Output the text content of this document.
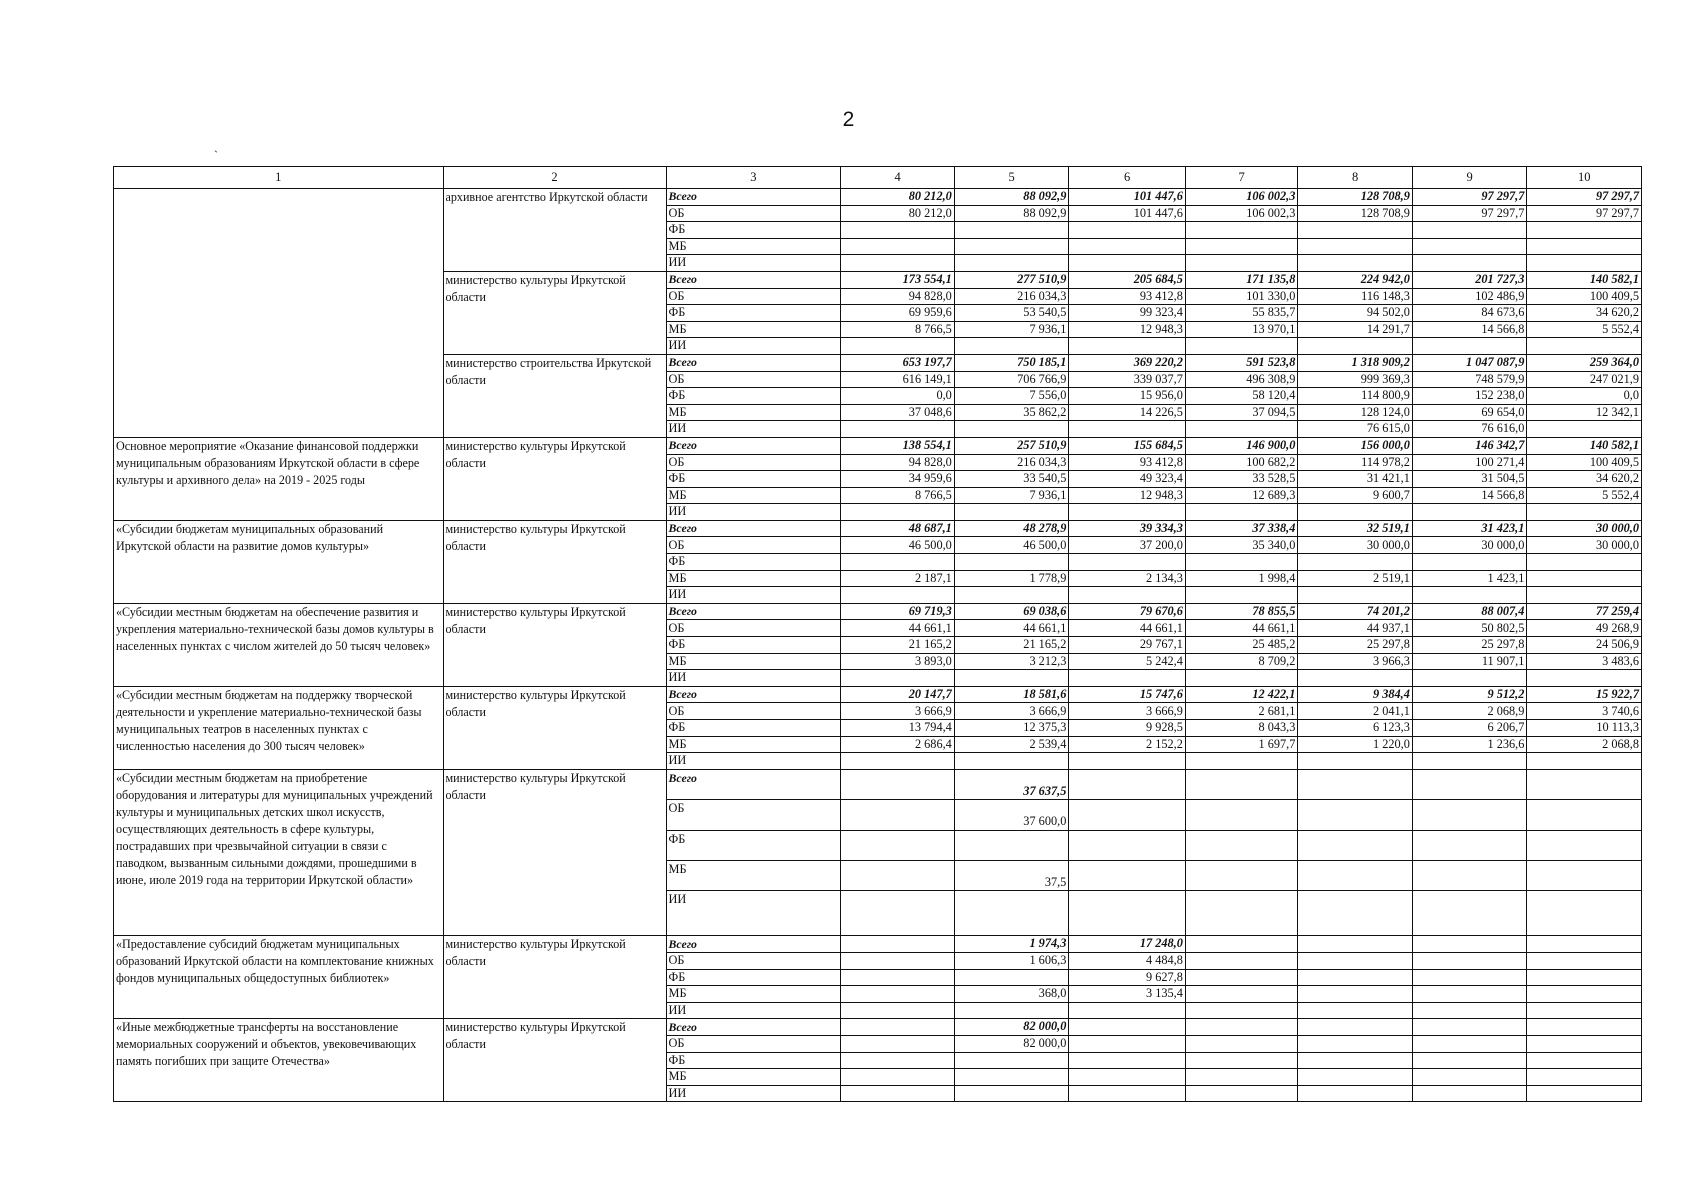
2
`
1	2	3	4	5	6	7	8	9	10
	архивное агентство Иркутской области	Всего	80 212,0	88 092,9	101 447,6	106 002,3	128 708,9	97 297,7	97 297,7
		ОБ	80 212,0	88 092,9	101 447,6	106 002,3	128 708,9	97 297,7	97 297,7
		ФБ							
		МБ							
		ИИ							
	министерство культуры Иркутской области	Всего	173 554,1	277 510,9	205 684,5	171 135,8	224 942,0	201 727,3	140 582,1
		ОБ	94 828,0	216 034,3	93 412,8	101 330,0	116 148,3	102 486,9	100 409,5
		ФБ	69 959,6	53 540,5	99 323,4	55 835,7	94 502,0	84 673,6	34 620,2
		МБ	8 766,5	7 936,1	12 948,3	13 970,1	14 291,7	14 566,8	5 552,4
		ИИ							
	министерство строительства Иркутской области	Всего	653 197,7	750 185,1	369 220,2	591 523,8	1 318 909,2	1 047 087,9	259 364,0
		ОБ	616 149,1	706 766,9	339 037,7	496 308,9	999 369,3	748 579,9	247 021,9
		ФБ	0,0	7 556,0	15 956,0	58 120,4	114 800,9	152 238,0	0,0
		МБ	37 048,6	35 862,2	14 226,5	37 094,5	128 124,0	69 654,0	12 342,1
		ИИ					76 615,0	76 616,0	
Основное мероприятие «Оказание финансовой поддержки муниципальным образованиям Иркутской области в сфере культуры и архивного дела» на 2019 - 2025 годы	министерство культуры Иркутской области	Всего	138 554,1	257 510,9	155 684,5	146 900,0	156 000,0	146 342,7	140 582,1
		ОБ	94 828,0	216 034,3	93 412,8	100 682,2	114 978,2	100 271,4	100 409,5
		ФБ	34 959,6	33 540,5	49 323,4	33 528,5	31 421,1	31 504,5	34 620,2
		МБ	8 766,5	7 936,1	12 948,3	12 689,3	9 600,7	14 566,8	5 552,4
		ИИ							
«Субсидии бюджетам муниципальных образований Иркутской области на развитие домов культуры»	министерство культуры Иркутской области	Всего	48 687,1	48 278,9	39 334,3	37 338,4	32 519,1	31 423,1	30 000,0
		ОБ	46 500,0	46 500,0	37 200,0	35 340,0	30 000,0	30 000,0	30 000,0
		ФБ							
		МБ	2 187,1	1 778,9	2 134,3	1 998,4	2 519,1	1 423,1	
		ИИ							
«Субсидии местным бюджетам на обеспечение развития и укрепления материально-технической базы домов культуры в населенных пунктах с числом жителей до 50 тысяч человек»	министерство культуры Иркутской области	Всего	69 719,3	69 038,6	79 670,6	78 855,5	74 201,2	88 007,4	77 259,4
		ОБ	44 661,1	44 661,1	44 661,1	44 661,1	44 937,1	50 802,5	49 268,9
		ФБ	21 165,2	21 165,2	29 767,1	25 485,2	25 297,8	25 297,8	24 506,9
		МБ	3 893,0	3 212,3	5 242,4	8 709,2	3 966,3	11 907,1	3 483,6
		ИИ							
«Субсидии местным бюджетам на поддержку творческой деятельности и укрепление материально-технической базы муниципальных театров в населенных пунктах с численностью населения до 300 тысяч человек»	министерство культуры Иркутской области	Всего	20 147,7	18 581,6	15 747,6	12 422,1	9 384,4	9 512,2	15 922,7
		ОБ	3 666,9	3 666,9	3 666,9	2 681,1	2 041,1	2 068,9	3 740,6
		ФБ	13 794,4	12 375,3	9 928,5	8 043,3	6 123,3	6 206,7	10 113,3
		МБ	2 686,4	2 539,4	2 152,2	1 697,7	1 220,0	1 236,6	2 068,8
		ИИ							
«Субсидии местным бюджетам на приобретение оборудования и литературы для муниципальных учреждений культуры и муниципальных детских школ искусств, осуществляющих деятельность в сфере культуры, пострадавших при чрезвычайной ситуации в связи с паводком, вызванным сильными дождями, прошедшими в июне, июле 2019 года на территории Иркутской области»	министерство культуры Иркутской области	Всего		37 637,5					
		ОБ		37 600,0					
		ФБ							
		МБ		37,5					
		ИИ							
«Предоставление субсидий бюджетам муниципальных образований Иркутской области на комплектование книжных фондов муниципальных общедоступных библиотек»	министерство культуры Иркутской области	Всего		1 974,3	17 248,0				
		ОБ		1 606,3	4 484,8				
		ФБ			9 627,8				
		МБ		368,0	3 135,4				
		ИИ							
«Иные межбюджетные трансферты на восстановление мемориальных сооружений и объектов, увековечивающих память погибших при защите Отечества»	министерство культуры Иркутской области	Всего		82 000,0					
		ОБ		82 000,0					
		ФБ							
		МБ							
		ИИ							
